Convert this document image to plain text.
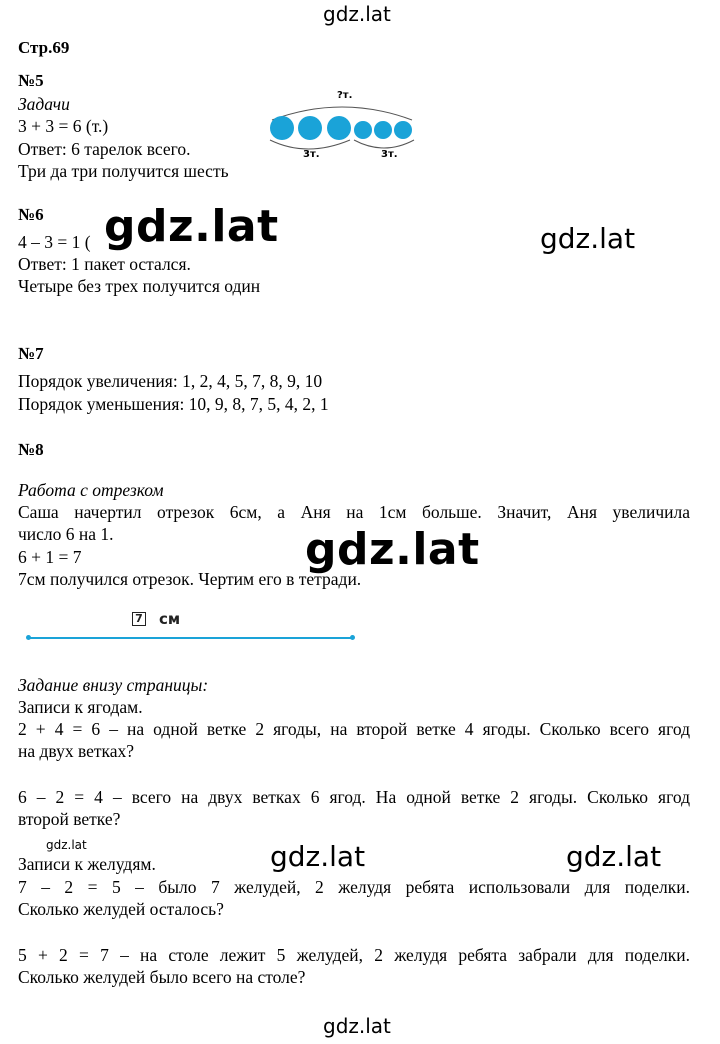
gdz.lat
Стр.69
№5
Задачи
3 + 3 = 6 (т.)
Ответ: 6 тарелок всего.
Три да три получится шесть
?т.
3т.	3т.
№6
4 – 3 = 1 (
Ответ: 1 пакет остался.
Четыре без трех получится один
gdz.lat	gdz.lat
№7
Порядок увеличения: 1, 2, 4, 5, 7, 8, 9, 10
Порядок уменьшения: 10, 9, 8, 7, 5, 4, 2, 1
№8
Работа с отрезком
Саша начертил отрезок 6см, а Аня на 1см больше. Значит, Аня увеличила
число 6 на 1.
6 + 1 = 7
7см получился отрезок. Чертим его в тетради.
gdz.lat
7 см
Задание внизу страницы:
Записи к ягодам.
2 + 4 = 6 – на одной ветке 2 ягоды, на второй ветке 4 ягоды. Сколько всего ягод
на двух ветках?
6 – 2 = 4 – всего на двух ветках 6 ягод. На одной ветке 2 ягоды. Сколько ягод
второй ветке?
gdz.lat
Записи к желудям.	gdz.lat	gdz.lat
7 – 2 = 5 – было 7 желудей, 2 желудя ребята использовали для поделки.
Сколько желудей осталось?
5 + 2 = 7 – на столе лежит 5 желудей, 2 желудя ребята забрали для поделки.
Сколько желудей было всего на столе?
gdz.lat
